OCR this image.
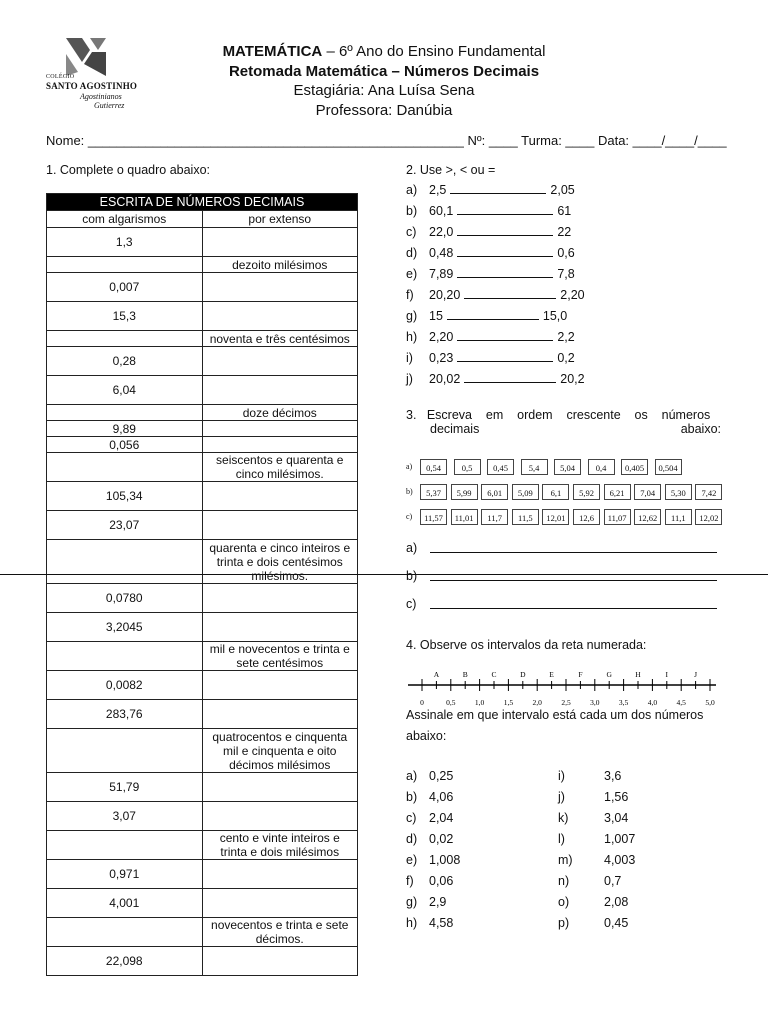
COLÉGIO
SANTO AGOSTINHO
Agostinianos
Gutierrez
MATEMÁTICA – 6º Ano do Ensino Fundamental
Retomada Matemática – Números Decimais
Estagiária: Ana Luísa Sena
Professora: Danúbia
Nome: ____________________________________________________ Nº: ____ Turma: ____ Data: ____/____/____
1. Complete o quadro abaixo:
ESCRITA DE NÚMEROS DECIMAIS	
com algarismos	por extenso
1,3	
	dezoito milésimos
0,007	
15,3	
	noventa e três centésimos
0,28	
6,04	
	doze décimos
9,89	
0,056	
	seiscentos e quarenta e cinco milésimos.
105,34	
23,07	
	quarenta e cinco inteiros e trinta e dois centésimos milésimos.
0,0780	
3,2045	
	mil e novecentos e trinta e sete centésimos
0,0082	
283,76	
	quatrocentos e cinquenta mil e cinquenta e oito décimos milésimos
51,79	
3,07	
	cento e vinte inteiros e trinta e dois milésimos
0,971	
4,001	
	novecentos e trinta e sete décimos.
22,098	
2. Use >, < ou =
a) 2,5	2,05
b) 60,1	61
c) 22,0	22
d) 0,48	0,6
e) 7,89	7,8
f) 20,20	2,20
g) 15	15,0
h) 2,20	2,2
i) 0,23	0,2
j) 20,02	20,2
3.   Escreva    em    ordem    crescente    os    números
decimais	abaixo:
a)	0,54	0,5	0,45	5,4	5,04	0,4	0,405	0,504
b)	5,37	5,99	6,01	5,09	6,1	5,92	6,21	7,04	5,30	7,42
c)	11,57	11,01	11,7	11,5	12,01	12,6	11,07	12,62	11,1	12,02
a)
b)
c)
4. Observe os intervalos da reta numerada:
0	0,5	1,0	1,5	2,0	2,5	3,0	3,5	4,0	4,5	5,0
A	B	C	D	E	F	G	H	I	J
Assinale em que intervalo está cada um dos números
abaixo:
a) 0,25
b) 4,06
c) 2,04
d) 0,02
e) 1,008
f) 0,06
g) 2,9
h) 4,58
i)	3,6
j)	1,56
k)	3,04
l)	1,007
m)	4,003
n)	0,7
o)	2,08
p)	0,45
